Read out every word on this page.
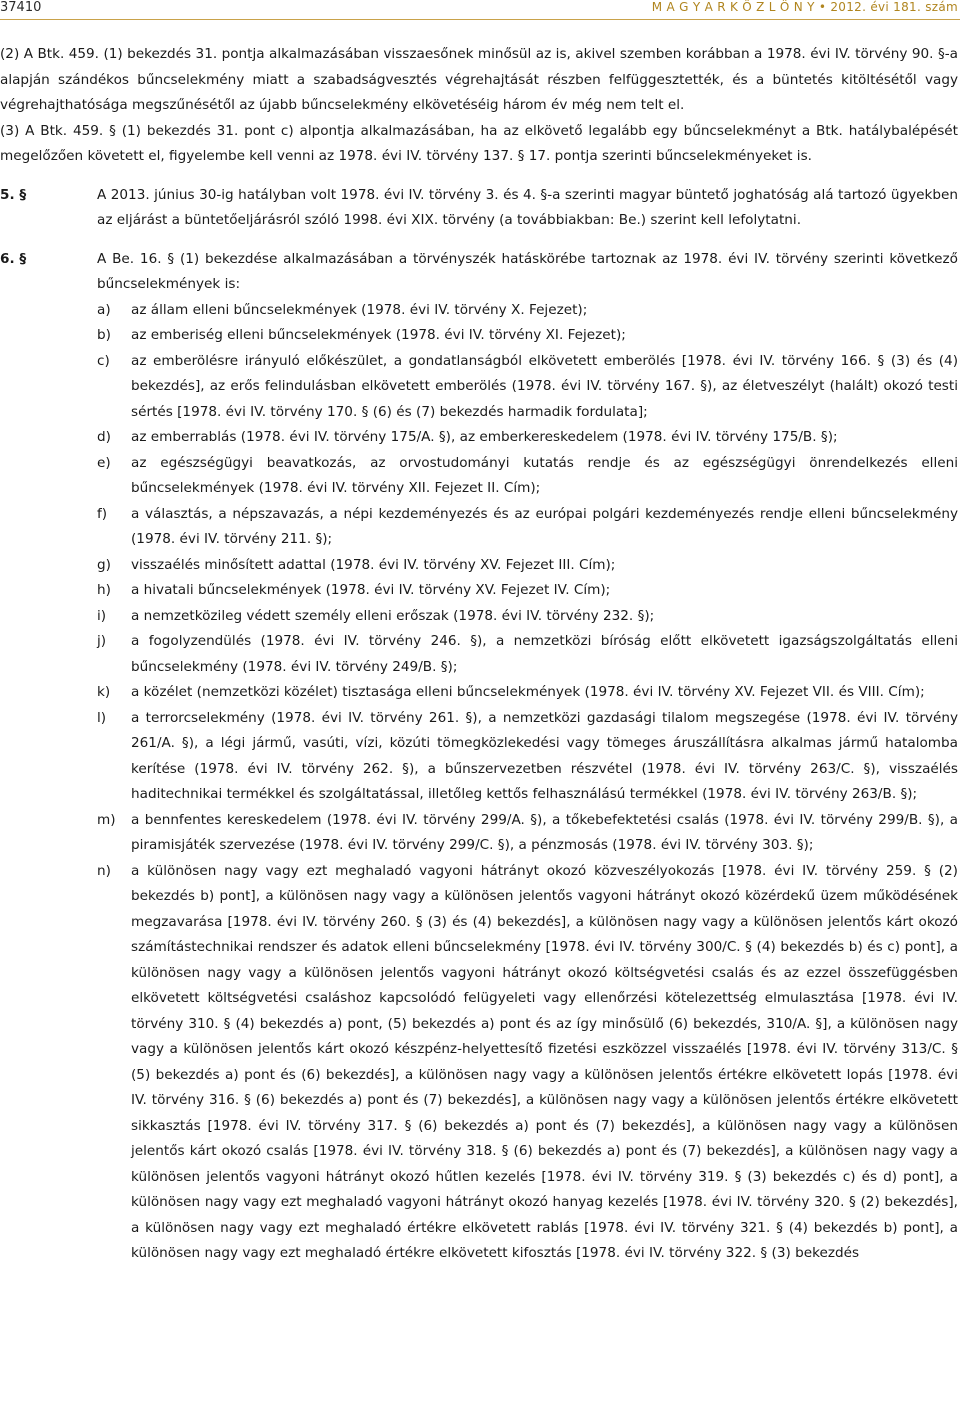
37410	M A G Y A R K Ö Z L Ö N Y • 2012. évi 181. szám
(2) A Btk. 459. (1) bekezdés 31. pontja alkalmazásában visszaesőnek minősül az is, akivel szemben korábban a 1978. évi IV. törvény 90. §-a alapján szándékos bűncselekmény miatt a szabadságvesztés végrehajtását részben felfüggesztették, és a büntetés kitöltésétől vagy végrehajthatósága megszűnésétől az újabb bűncselekmény elkövetéséig három év még nem telt el.
(3) A Btk. 459. § (1) bekezdés 31. pont c) alpontja alkalmazásában, ha az elkövető legalább egy bűncselekményt a Btk. hatálybalépését megelőzően követett el, figyelembe kell venni az 1978. évi IV. törvény 137. § 17. pontja szerinti bűncselekményeket is.
5. §	A 2013. június 30-ig hatályban volt 1978. évi IV. törvény 3. és 4. §-a szerinti magyar büntető joghatóság alá tartozó ügyekben az eljárást a büntetőeljárásról szóló 1998. évi XIX. törvény (a továbbiakban: Be.) szerint kell lefolytatni.
6. §	A Be. 16. § (1) bekezdése alkalmazásában a törvényszék hatáskörébe tartoznak az 1978. évi IV. törvény szerinti következő bűncselekmények is:
a)	az állam elleni bűncselekmények (1978. évi IV. törvény X. Fejezet);
b)	az emberiség elleni bűncselekmények (1978. évi IV. törvény XI. Fejezet);
c)	az emberölésre irányuló előkészület, a gondatlanságból elkövetett emberölés [1978. évi IV. törvény 166. § (3) és (4) bekezdés], az erős felindulásban elkövetett emberölés (1978. évi IV. törvény 167. §), az életveszélyt (halált) okozó testi sértés [1978. évi IV. törvény 170. § (6) és (7) bekezdés harmadik fordulata];
d)	az emberrablás (1978. évi IV. törvény 175/A. §), az emberkereskedelem (1978. évi IV. törvény 175/B. §);
e)	az egészségügyi beavatkozás, az orvostudományi kutatás rendje és az egészségügyi önrendelkezés elleni bűncselekmények (1978. évi IV. törvény XII. Fejezet II. Cím);
f)	a választás, a népszavazás, a népi kezdeményezés és az európai polgári kezdeményezés rendje elleni bűncselekmény (1978. évi IV. törvény 211. §);
g)	visszaélés minősített adattal (1978. évi IV. törvény XV. Fejezet III. Cím);
h)	a hivatali bűncselekmények (1978. évi IV. törvény XV. Fejezet IV. Cím);
i)	a nemzetközileg védett személy elleni erőszak (1978. évi IV. törvény 232. §);
j)	a fogolyzendülés (1978. évi IV. törvény 246. §), a nemzetközi bíróság előtt elkövetett igazságszolgáltatás elleni bűncselekmény (1978. évi IV. törvény 249/B. §);
k)	a közélet (nemzetközi közélet) tisztasága elleni bűncselekmények (1978. évi IV. törvény XV. Fejezet VII. és VIII. Cím);
l)	a terrorcselekmény (1978. évi IV. törvény 261. §), a nemzetközi gazdasági tilalom megszegése (1978. évi IV. törvény 261/A. §), a légi jármű, vasúti, vízi, közúti tömegközlekedési vagy tömeges áruszállításra alkalmas jármű hatalomba kerítése (1978. évi IV. törvény 262. §), a bűnszervezetben részvétel (1978. évi IV. törvény 263/C. §), visszaélés haditechnikai termékkel és szolgáltatással, illetőleg kettős felhasználású termékkel (1978. évi IV. törvény 263/B. §);
m)	a bennfentes kereskedelem (1978. évi IV. törvény 299/A. §), a tőkebefektetési csalás (1978. évi IV. törvény 299/B. §), a piramisjáték szervezése (1978. évi IV. törvény 299/C. §), a pénzmosás (1978. évi IV. törvény 303. §);
n)	a különösen nagy vagy ezt meghaladó vagyoni hátrányt okozó közveszélyokozás [1978. évi IV. törvény 259. § (2) bekezdés b) pont], a különösen nagy vagy a különösen jelentős vagyoni hátrányt okozó közérdekű üzem működésének megzavarása [1978. évi IV. törvény 260. § (3) és (4) bekezdés], a különösen nagy vagy a különösen jelentős kárt okozó számítástechnikai rendszer és adatok elleni bűncselekmény [1978. évi IV. törvény 300/C. § (4) bekezdés b) és c) pont], a különösen nagy vagy a különösen jelentős vagyoni hátrányt okozó költségvetési csalás és az ezzel összefüggésben elkövetett költségvetési csaláshoz kapcsolódó felügyeleti vagy ellenőrzési kötelezettség elmulasztása [1978. évi IV. törvény 310. § (4) bekezdés a) pont, (5) bekezdés a) pont és az így minősülő (6) bekezdés, 310/A. §], a különösen nagy vagy a különösen jelentős kárt okozó készpénz-helyettesítő fizetési eszközzel visszaélés [1978. évi IV. törvény 313/C. § (5) bekezdés a) pont és (6) bekezdés], a különösen nagy vagy a különösen jelentős értékre elkövetett lopás [1978. évi IV. törvény 316. § (6) bekezdés a) pont és (7) bekezdés], a különösen nagy vagy a különösen jelentős értékre elkövetett sikkasztás [1978. évi IV. törvény 317. § (6) bekezdés a) pont és (7) bekezdés], a különösen nagy vagy a különösen jelentős kárt okozó csalás [1978. évi IV. törvény 318. § (6) bekezdés a) pont és (7) bekezdés], a különösen nagy vagy a különösen jelentős vagyoni hátrányt okozó hűtlen kezelés [1978. évi IV. törvény 319. § (3) bekezdés c) és d) pont], a különösen nagy vagy ezt meghaladó vagyoni hátrányt okozó hanyag kezelés [1978. évi IV. törvény 320. § (2) bekezdés], a különösen nagy vagy ezt meghaladó értékre elkövetett rablás [1978. évi IV. törvény 321. § (4) bekezdés b) pont], a különösen nagy vagy ezt meghaladó értékre elkövetett kifosztás [1978. évi IV. törvény 322. § (3) bekezdés
